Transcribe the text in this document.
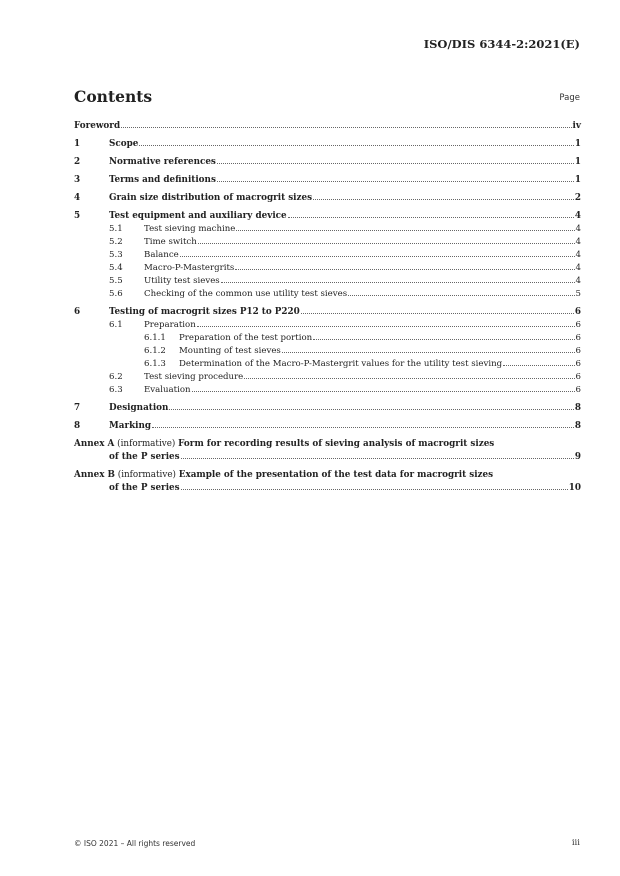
ISO/DIS 6344-2:2021(E)
Contents	Page
Foreword	iv
1	Scope	1
2	Normative references	1
3	Terms and definitions	1
4	Grain size distribution of macrogrit sizes	2
5	Test equipment and auxiliary device	4
5.1	Test sieving machine	4
5.2	Time switch	4
5.3	Balance	4
5.4	Macro-P-Mastergrits	4
5.5	Utility test sieves	4
5.6	Checking of the common use utility test sieves	5
6	Testing of macrogrit sizes P12 to P220	6
6.1	Preparation	6
6.1.1	Preparation of the test portion	6
6.1.2	Mounting of test sieves	6
6.1.3	Determination of the Macro-P-Mastergrit values for the utility test sieving	6
6.2	Test sieving procedure	6
6.3	Evaluation	6
7	Designation	8
8	Marking	8
Annex A (informative) Form for recording results of sieving analysis of macrogrit sizes
of the P series	9
Annex B (informative) Example of the presentation of the test data for macrogrit sizes
of the P series	10
© ISO 2021 – All rights reserved	iii
